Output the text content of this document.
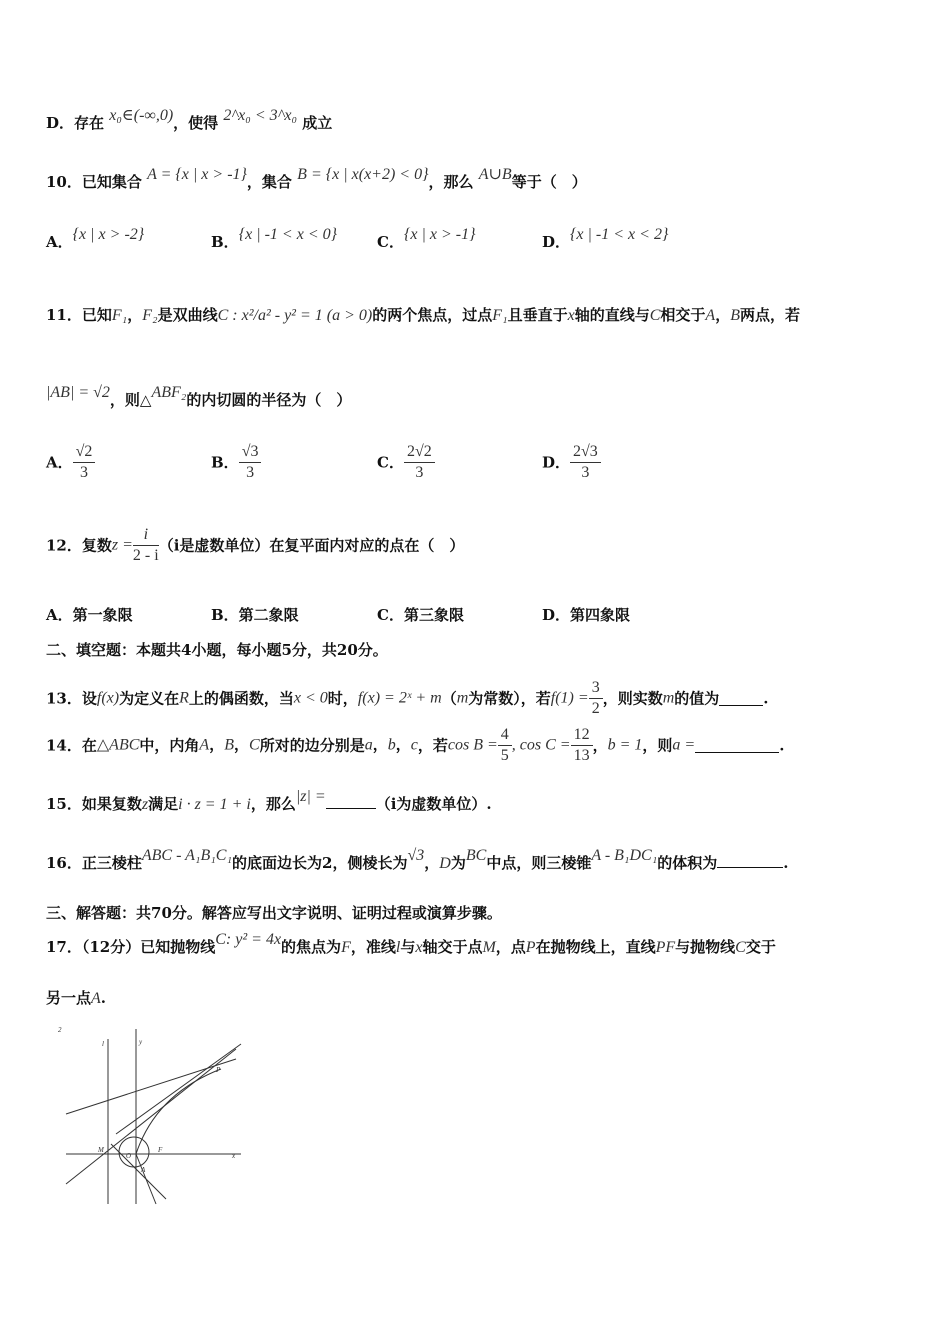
D．存在 x₀∈(-∞,0)，使得 2^x₀ < 3^x₀ 成立
10．已知集合 A = {x | x > -1}，集合 B = {x | x(x+2) < 0}，那么 A∪B等于（　）
A．{x | x > -2}	B．{x | -1 < x < 0}	C．{x | x > -1}	D．{x | -1 < x < 2}
11．已知F₁，F₂是双曲线C : x²/a² - y² = 1 (a > 0)的两个焦点，过点F₁且垂直于x轴的直线与C相交于A，B两点，若
|AB| = √2，则△ABF₂的内切圆的半径为（　）
A． $\frac{√2}{3}$	B． $\frac{√3}{3}$	C． $\frac{2√2}{3}$	D． $\frac{2√3}{3}$
12．复数$z = \frac{i}{2 - i} (i$是虚数单位）在复平面内对应的点在（　）
A．第一象限	B．第二象限	C．第三象限	D．第四象限
二、填空题：本题共4小题，每小题5分，共20分。
13．设f(x)为定义在R上的偶函数，当x < 0时，f(x) = 2ˣ + m（m为常数），若$f(1) = \frac{3}{2}$ ，则实数m的值为	.
14．在△ABC中，内角A，B，C所对的边分别是a，b，c，若$\cos B = \frac{4}{5}$ , $\cos C = \frac{12}{13}$ ，b = 1，则a =	.
15．如果复数z满足i · z = 1 + i，那么|z| =	（i为虚数单位）.
16．正三棱柱ABC - A₁B₁C₁的底面边长为2，侧棱长为√3，D为BC中点，则三棱锥A - B₁DC₁的体积为	.
三、解答题：共70分。解答应写出文字说明、证明过程或演算步骤。
17．（12分）已知抛物线C: y² = 4x的焦点为F，准线l与x轴交于点M，点P在抛物线上，直线PF与抛物线C交于
另一点A.
2
l	y
P
M
O
F
A
x
